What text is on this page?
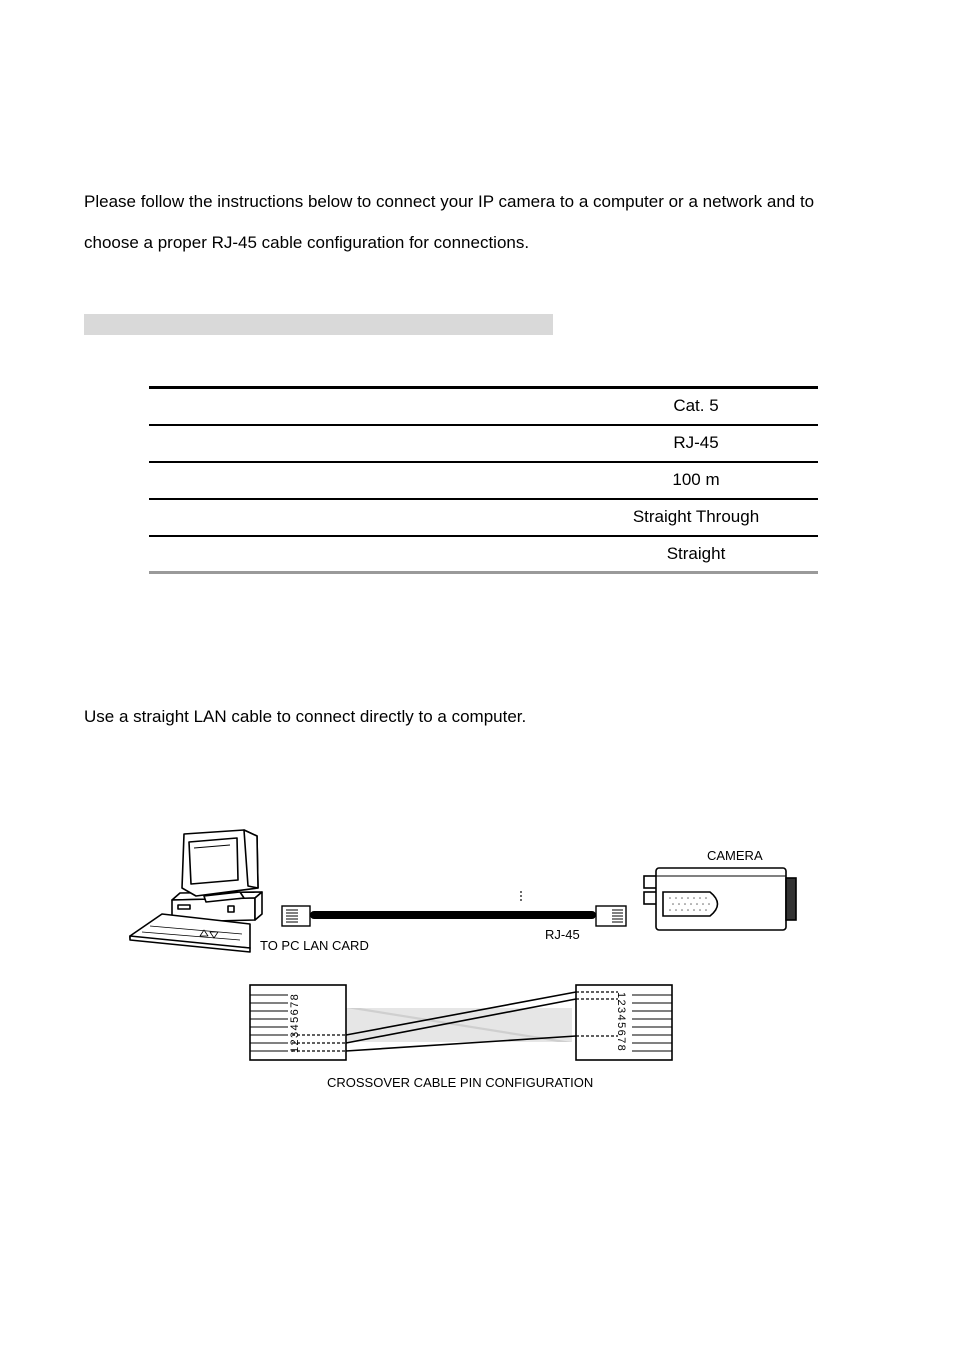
Please follow the instructions below to connect your IP camera to a computer or a network and to
choose a proper RJ-45 cable configuration for connections.

	Cat. 5
	RJ-45
	100 m
	Straight Through
	Straight

Use a straight LAN cable to connect directly to a computer.

CAMERA
TO PC LAN CARD
RJ-45
12345678	12345678
CROSSOVER CABLE PIN CONFIGURATION
